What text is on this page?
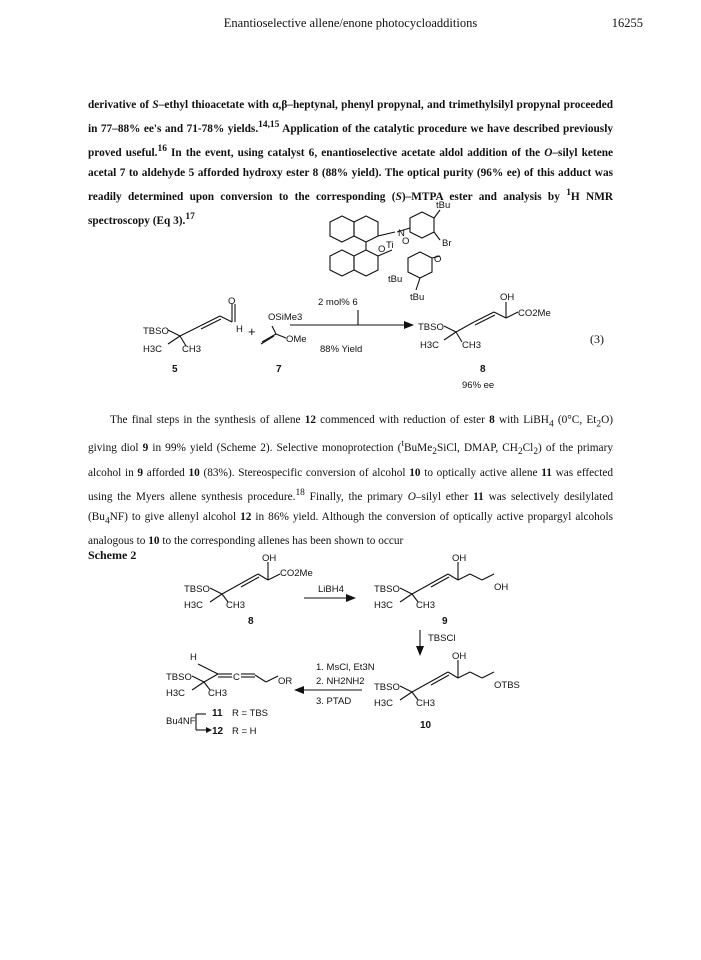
Enantioselective allene/enone photocycloadditions	16255
derivative of S–ethyl thioacetate with α,β–heptynal, phenyl propynal, and trimethylsilyl propynal proceeded in 77–88% ee's and 71-78% yields.$^{14,15}$ Application of the catalytic procedure we have described previously proved useful.$^{16}$ In the event, using catalyst 6, enantioselective acetate aldol addition of the O–silyl ketene acetal 7 to aldehyde 5 afforded hydroxy ester 8 (88% yield). The optical purity (96% ee) of this adduct was readily determined upon conversion to the corresponding (S)–MTPA ester and analysis by $^1$H NMR spectroscopy (Eq 3).$^{17}$
tBu
Br
N
Ti
O
O
O
tBu
tBu
2 mol% 6
88% Yield
TBSO
H3C CH3
O
H
5
+
OSiMe3
OMe
7
TBSO
H3C CH3
OH
CO2Me
8
96% ee
TBSO
H3C CH3
OH
CO2Me
8
LiBH4	TBSO
H3C CH3
OH
OH
9
TBSCl
TBSO
H3C CH3
OH
OTBS
10
1. MsCl, Et3N
2. NH2NH2
3. PTAD
TBSO
H3C CH3
H
C	OR
Bu4NF
11 R = TBS
12 R = H
(3)
The final steps in the synthesis of allene 12 commenced with reduction of ester 8 with LiBH$_4$ (0°C, $Et_2O$) giving diol 9 in 99% yield (Scheme 2). Selective monoprotection ($^t$BuMe$_2$SiCl, DMAP, $CH_2Cl_2$) of the primary alcohol in 9 afforded 10 (83%). Stereospecific conversion of alcohol 10 to optically active allene 11 was effected using the Myers allene synthesis procedure.$^{18}$ Finally, the primary O–silyl ether 11 was selectively desilylated $(Bu_4NF)$ to give allenyl alcohol 12 in 86% yield. Although the conversion of optically active propargyl alcohols analogous to 10 to the corresponding allenes has been shown to occur
Scheme 2
